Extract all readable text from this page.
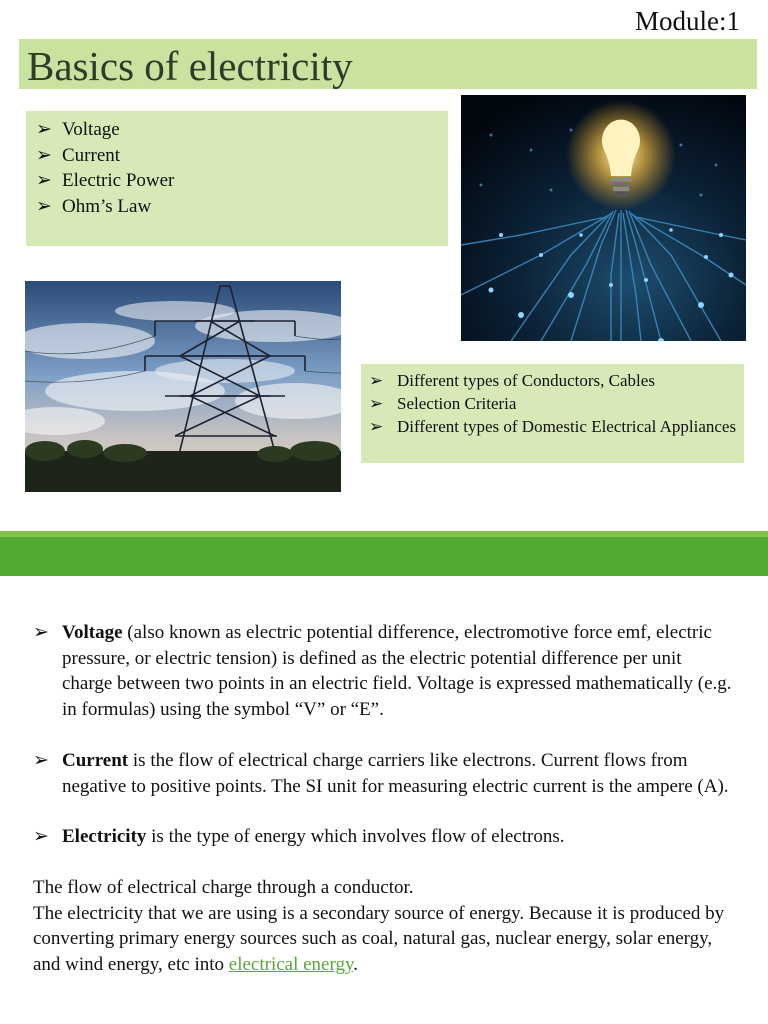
Module:1
Basics of electricity
➢ Voltage
➢ Current
➢ Electric Power
➢ Ohm’s Law
➢ Different types of Conductors, Cables
➢ Selection Criteria
➢ Different types of Domestic Electrical Appliances

➢ Voltage (also known as electric potential difference, electromotive force emf, electric pressure, or electric tension) is defined as the electric potential difference per unit charge between two points in an electric field. Voltage is expressed mathematically (e.g. in formulas) using the symbol “V” or “E”.

➢ Current is the flow of electrical charge carriers like electrons. Current flows from negative to positive points. The SI unit for measuring electric current is the ampere (A).

➢ Electricity is the type of energy which involves flow of electrons.

The flow of electrical charge through a conductor.

The electricity that we are using is a secondary source of energy. Because it is produced by converting primary energy sources such as coal, natural gas, nuclear energy, solar energy, and wind energy, etc into electrical energy.
